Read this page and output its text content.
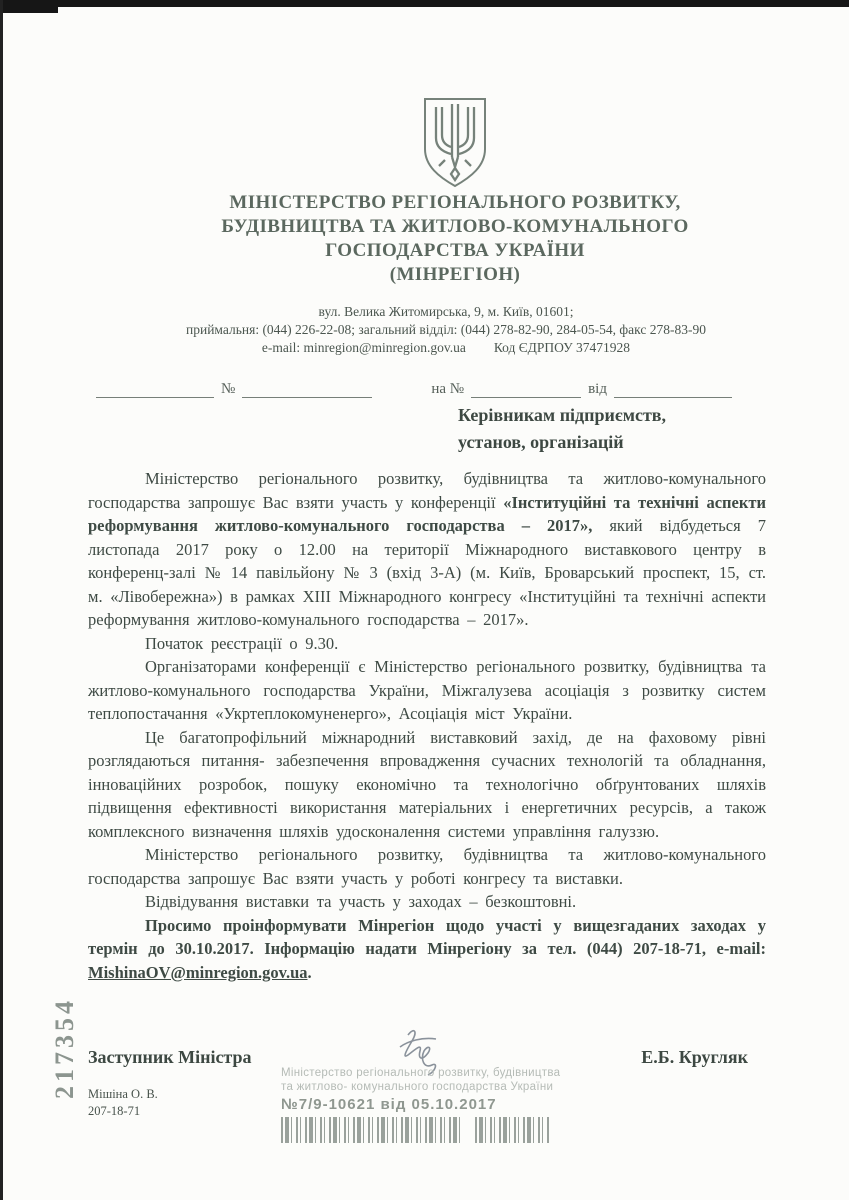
МІНІСТЕРСТВО РЕГІОНАЛЬНОГО РОЗВИТКУ,
БУДІВНИЦТВА ТА ЖИТЛОВО-КОМУНАЛЬНОГО
ГОСПОДАРСТВА УКРАЇНИ
(МІНРЕГІОН)
вул. Велика Житомирська, 9, м. Київ, 01601;
приймальня: (044) 226-22-08; загальний відділ: (044) 278-82-90, 284-05-54, факс 278-83-90
e-mail: minregion@minregion.gov.ua Код ЄДРПОУ 37471928
№	на №	від
Керівникам підприємств,
установ, організацій

Міністерство регіонального розвитку, будівництва та житлово-комунального господарства запрошує Вас взяти участь у конференції «Інституційні та технічні аспекти реформування житлово-комунального господарства – 2017», який відбудеться 7 листопада 2017 року о 12.00 на території Міжнародного виставкового центру в конференц-залі № 14 павільйону № 3 (вхід 3-А) (м. Київ, Броварський проспект, 15, ст. м. «Лівобережна») в рамках XIII Міжнародного конгресу «Інституційні та технічні аспекти реформування житлово-комунального господарства – 2017».

Початок реєстрації о 9.30.

Організаторами конференції є Міністерство регіонального розвитку, будівництва та житлово-комунального господарства України, Міжгалузева асоціація з розвитку систем теплопостачання «Укртеплокомуненерго», Асоціація міст України.

Це багатопрофільний міжнародний виставковий захід, де на фаховому рівні розглядаються питання- забезпечення впровадження сучасних технологій та обладнання, інноваційних розробок, пошуку економічно та технологічно обґрунтованих шляхів підвищення ефективності використання матеріальних і енергетичних ресурсів, а також комплексного визначення шляхів удосконалення системи управління галуззю.

Міністерство регіонального розвитку, будівництва та житлово-комунального господарства запрошує Вас взяти участь у роботі конгресу та виставки.

Відвідування виставки та участь у заходах – безкоштовні.

Просимо проінформувати Мінрегіон щодо участі у вищезгаданих заходах у термін до 30.10.2017. Інформацію надати Мінрегіону за тел. (044) 207-18-71, e-mail: MishinaOV@minregion.gov.ua.

Заступник Міністра	Е.Б. Кругляк
Міністерство регіонального розвитку, будівництва
та житлово- комунального господарства України
№7/9-10621 від 05.10.2017
Мішіна О. В.
207-18-71
217354
